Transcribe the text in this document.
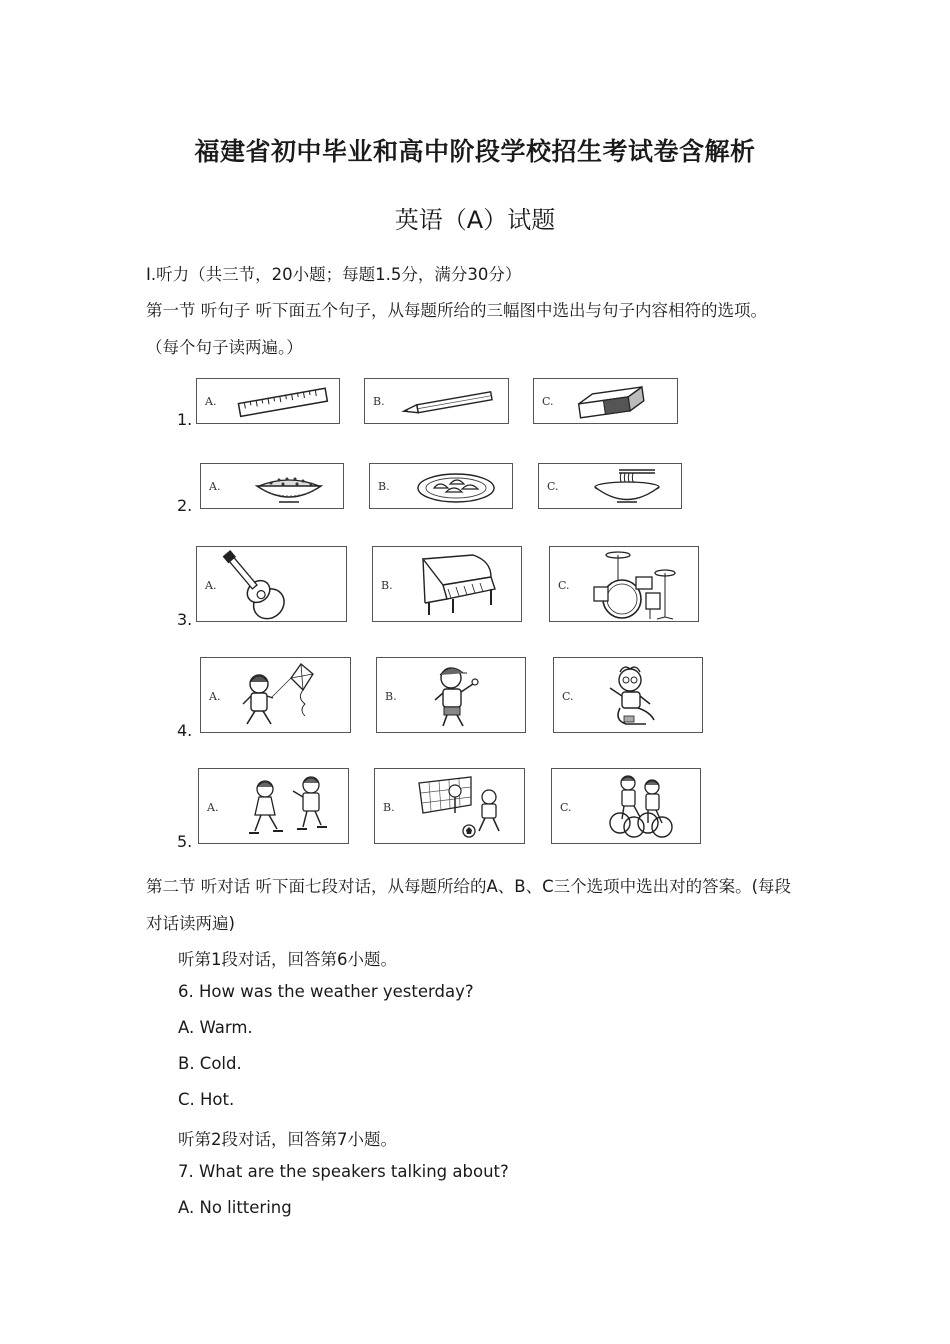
福建省初中毕业和高中阶段学校招生考试卷含解析
英语（A）试题
Ⅰ.听力（共三节，20小题；每题1.5分，满分30分）
第一节 听句子 听下面五个句子，从每题所给的三幅图中选出与句子内容相符的选项。
（每个句子读两遍。）
1.
A.	B.	C.
2.
A.	B.	C.
3.
A.	B.	C.
4.
A.	B.	C.
5.
A.	B.	C.
第二节 听对话 听下面七段对话，从每题所给的A、B、C三个选项中选出对的答案。(每段
对话读两遍)
听第1段对话，回答第6小题。
6. How was the weather yesterday?
A. Warm.
B. Cold.
C. Hot.
听第2段对话，回答第7小题。
7. What are the speakers talking about?
A. No littering
